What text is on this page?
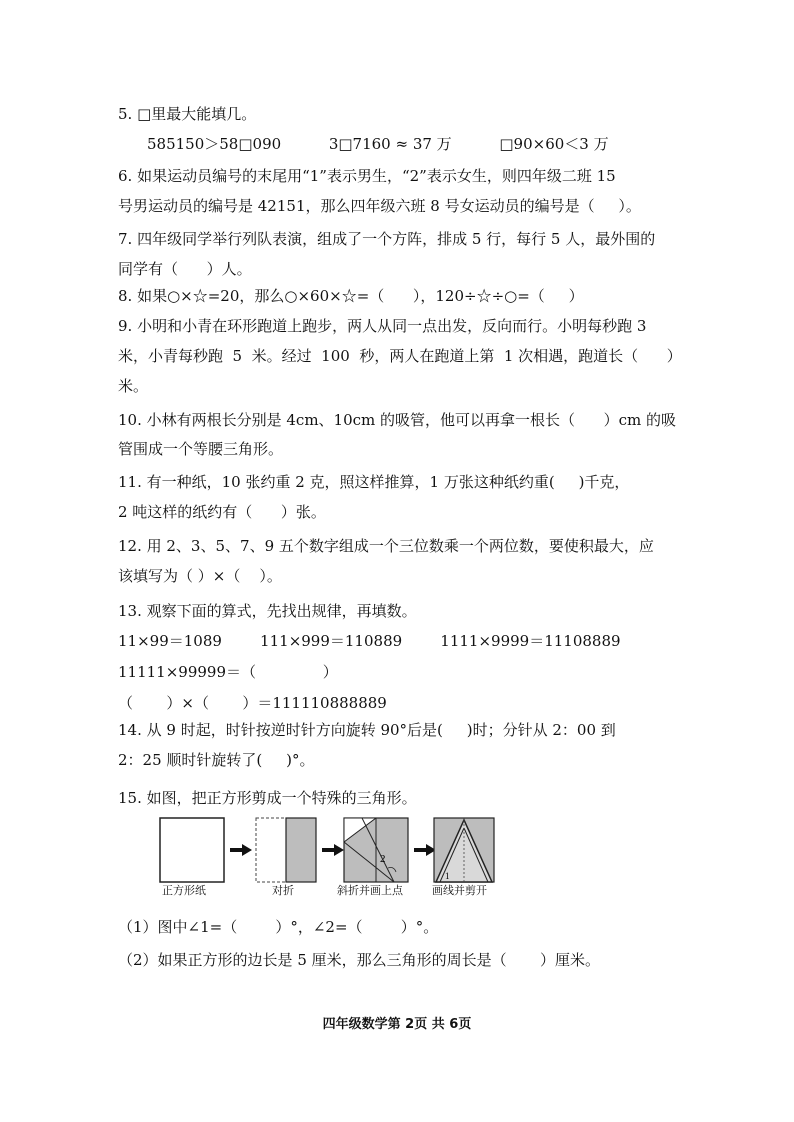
5. □里最大能填几。
585150＞58□090          3□7160 ≈ 37 万          □90×60＜3 万
6. 如果运动员编号的末尾用“1”表示男生，“2”表示女生，则四年级二班 15
号男运动员的编号是 42151，那么四年级六班 8 号女运动员的编号是（     ）。
7. 四年级同学举行列队表演，组成了一个方阵，排成 5 行，每行 5 人，最外围的
同学有（      ）人。
8. 如果○×☆=20，那么○×60×☆=（      ），120÷☆÷○=（     ）
9. 小明和小青在环形跑道上跑步，两人从同一点出发，反向而行。小明每秒跑 3
米，小青每秒跑  5  米。经过  100  秒，两人在跑道上第  1 次相遇，跑道长（      ）
米。
10. 小林有两根长分别是 4cm、10cm 的吸管，他可以再拿一根长（      ）cm 的吸
管围成一个等腰三角形。
11. 有一种纸，10 张约重 2 克，照这样推算，1 万张这种纸约重(     )千克，
2 吨这样的纸约有（      ）张。
12. 用 2、3、5、7、9 五个数字组成一个三位数乘一个两位数，要使积最大，应
该填写为（ ）×（    ）。
13. 观察下面的算式，先找出规律，再填数。
11×99＝1089        111×999＝110889        1111×9999＝11108889
11111×99999＝（              ）
（       ）×（       ）＝111110888889
14. 从 9 时起，时针按逆时针方向旋转 90°后是(     )时；分针从 2：00 到
2：25 顺时针旋转了(     )°。
15. 如图，把正方形剪成一个特殊的三角形。
2
1
正方形纸	对折	斜折并画上点	画线并剪开
（1）图中∠1=（        ）°，∠2=（        ）°。
（2）如果正方形的边长是 5 厘米，那么三角形的周长是（       ）厘米。
四年级数学第 2页 共 6页
